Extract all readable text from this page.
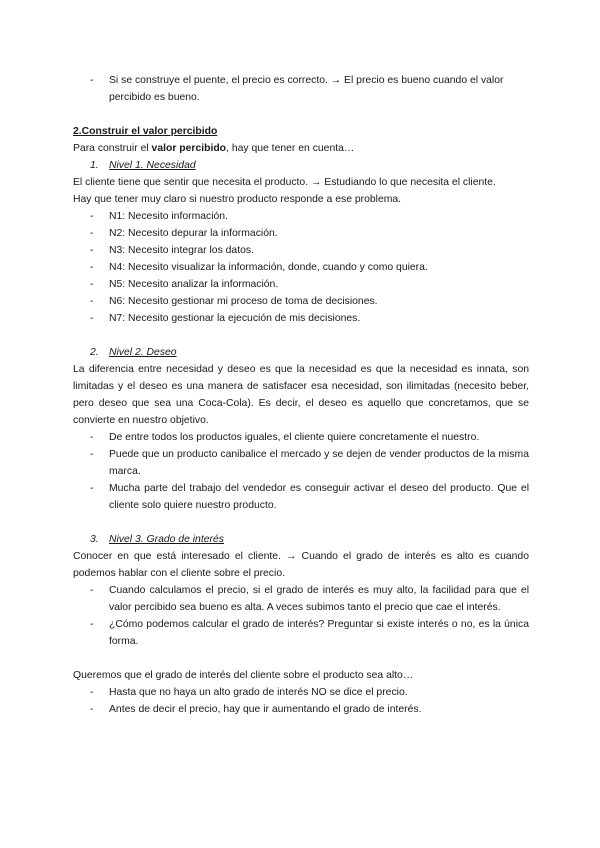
- Si se construye el puente, el precio es correcto. → El precio es bueno cuando el valor
percibido es bueno.

2.Construir el valor percibido

Para construir el valor percibido, hay que tener en cuenta…

1. Nivel 1. Necesidad

El cliente tiene que sentir que necesita el producto. → Estudiando lo que necesita el cliente.

Hay que tener muy claro si nuestro producto responde a ese problema.

- N1: Necesito información.
- N2: Necesito depurar la información.
- N3: Necesito integrar los datos.
- N4: Necesito visualizar la información, donde, cuando y como quiera.
- N5: Necesito analizar la información.
- N6: Necesito gestionar mi proceso de toma de decisiones.
- N7: Necesito gestionar la ejecución de mis decisiones.

2. Nivel 2. Deseo

La diferencia entre necesidad y deseo es que la necesidad es que la necesidad es innata, son limitadas y el deseo es una manera de satisfacer esa necesidad, son ilimitadas (necesito beber, pero deseo que sea una Coca-Cola). Es decir, el deseo es aquello que concretamos, que se convierte en nuestro objetivo.

- De entre todos los productos iguales, el cliente quiere concretamente el nuestro.
- Puede que un producto canibalice el mercado y se dejen de vender productos de la misma marca.
- Mucha parte del trabajo del vendedor es conseguir activar el deseo del producto. Que el cliente solo quiere nuestro producto.

3. Nivel 3. Grado de interés

Conocer en que está interesado el cliente. → Cuando el grado de interés es alto es cuando podemos hablar con el cliente sobre el precio.

- Cuando calculamos el precio, si el grado de interés es muy alto, la facilidad para que el valor percibido sea bueno es alta. A veces subimos tanto el precio que cae el interés.
- ¿Cómo podemos calcular el grado de interés? Preguntar si existe interés o no, es la única forma.

Queremos que el grado de interés del cliente sobre el producto sea alto…

- Hasta que no haya un alto grado de interés NO se dice el precio.
- Antes de decir el precio, hay que ir aumentando el grado de interés.
